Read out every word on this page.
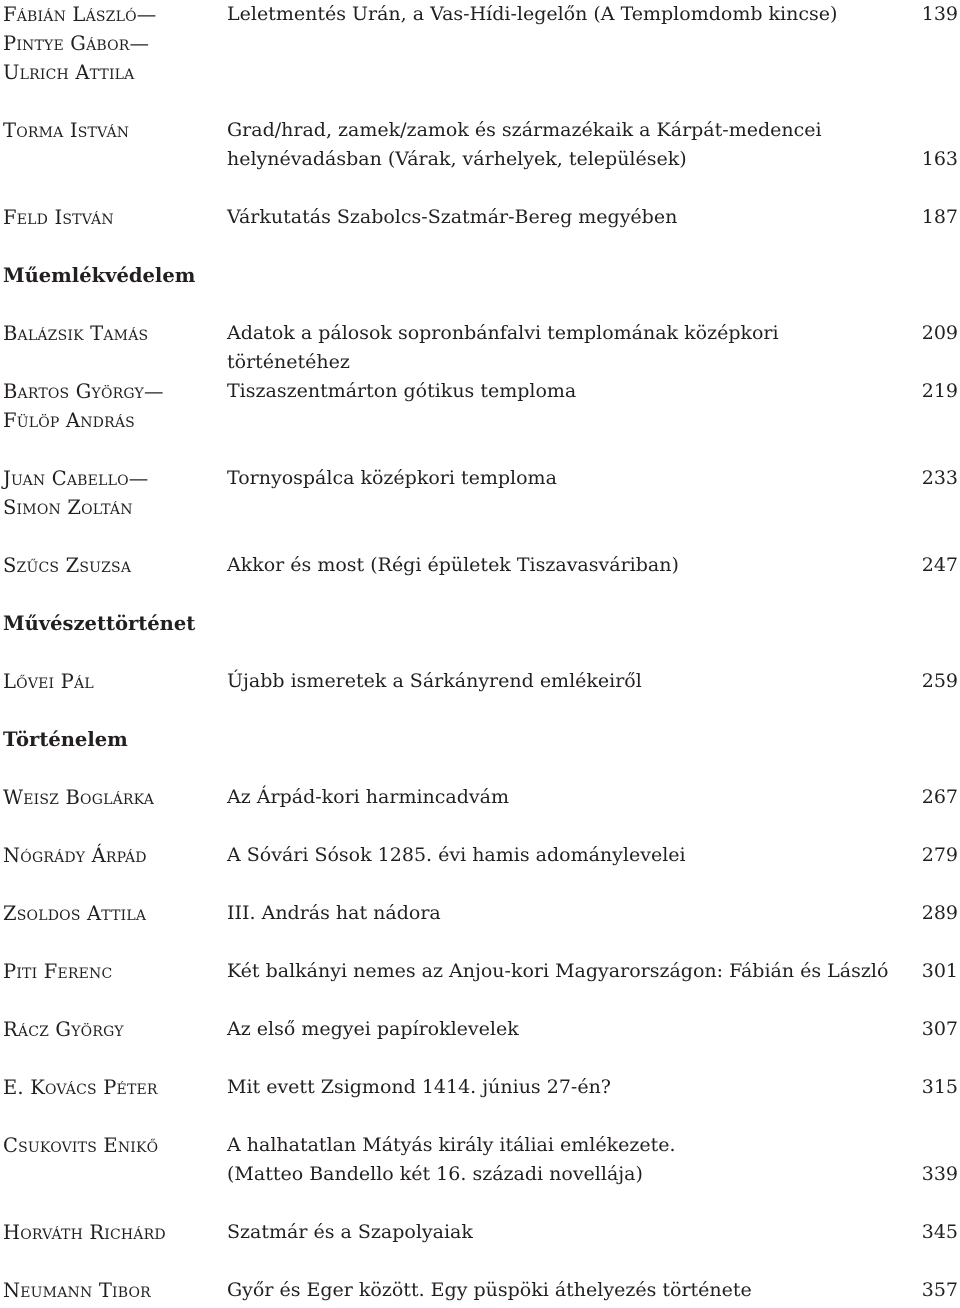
Fábián László—
Pintye Gábor—
Ulrich Attila
Leletmentés Urán, a Vas-Hídi-legelőn (A Templomdomb kincse)	139
Torma István	Grad/hrad, zamek/zamok és származékaik a Kárpát-medencei
helynévadásban (Várak, várhelyek, települések)	163
Feld István	Várkutatás Szabolcs-Szatmár-Bereg megyében	187
Műemlékvédelem
Balázsik Tamás	Adatok a pálosok sopronbánfalvi templomának középkori történetéhez
209
Bartos György—
Fülöp András
Tiszaszentmárton gótikus temploma	219
Juan Cabello—
Simon Zoltán
Tornyospálca középkori temploma	233
Szűcs Zsuzsa	Akkor és most (Régi épületek Tiszavasváriban)	247
Művészettörténet
Lővei Pál	Újabb ismeretek a Sárkányrend emlékeiről	259
Történelem
Weisz Boglárka	Az Árpád-kori harmincadvám	267
Nógrády Árpád	A Sóvári Sósok 1285. évi hamis adománylevelei	279
Zsoldos Attila	III. András hat nádora	289
Piti Ferenc	Két balkányi nemes az Anjou-kori Magyarországon: Fábián és László	301
Rácz György	Az első megyei papíroklevelek	307
E. Kovács Péter	Mit evett Zsigmond 1414. június 27-én?	315
Csukovits Enikő	A halhatatlan Mátyás király itáliai emlékezete.
(Matteo Bandello két 16. századi novellája)	339
Horváth Richárd	Szatmár és a Szapolyaiak	345
Neumann Tibor	Győr és Eger között. Egy püspöki áthelyezés története	357
